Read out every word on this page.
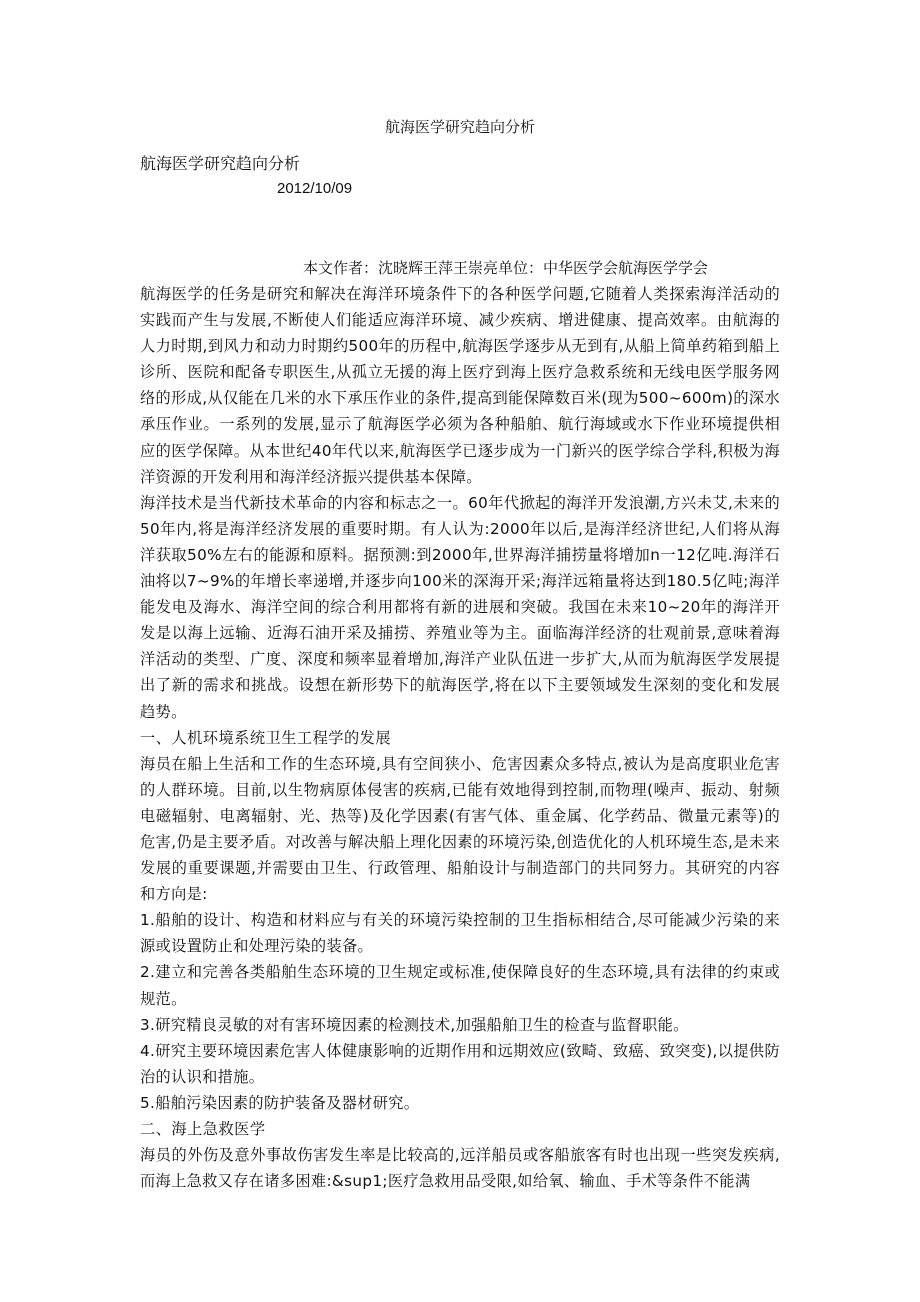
航海医学研究趋向分析
航海医学研究趋向分析
2012/10/09
本文作者：沈晓辉王萍王崇亮单位：中华医学会航海医学学会

航海医学的任务是研究和解决在海洋环境条件下的各种医学问题,它随着人类探索海洋活动的实践而产生与发展,不断使人们能适应海洋环境、减少疾病、增进健康、提高效率。由航海的人力时期,到风力和动力时期约500年的历程中,航海医学逐步从无到有,从船上简单药箱到船上诊所、医院和配备专职医生,从孤立无援的海上医疗到海上医疗急救系统和无线电医学服务网络的形成,从仅能在几米的水下承压作业的条件,提高到能保障数百米(现为500~600m)的深水承压作业。一系列的发展,显示了航海医学必须为各种船舶、航行海域或水下作业环境提供相应的医学保障。从本世纪40年代以来,航海医学已逐步成为一门新兴的医学综合学科,积极为海洋资源的开发利用和海洋经济振兴提供基本保障。

海洋技术是当代新技术革命的内容和标志之一。60年代掀起的海洋开发浪潮,方兴未艾,未来的50年内,将是海洋经济发展的重要时期。有人认为:2000年以后,是海洋经济世纪,人们将从海洋获取50%左右的能源和原料。据预测:到2000年,世界海洋捕捞量将增加n一12亿吨.海洋石油将以7~9%的年增长率递增,并逐步向100米的深海开采;海洋远箱量将达到180.5亿吨;海洋能发电及海水、海洋空间的综合利用都将有新的进展和突破。我国在未来10~20年的海洋开发是以海上远输、近海石油开采及捕捞、养殖业等为主。面临海洋经济的壮观前景,意味着海洋活动的类型、广度、深度和频率显着增加,海洋产业队伍进一步扩大,从而为航海医学发展提出了新的需求和挑战。设想在新形势下的航海医学,将在以下主要领域发生深刻的变化和发展趋势。

一、人机环境系统卫生工程学的发展

海员在船上生活和工作的生态环境,具有空间狭小、危害因素众多特点,被认为是高度职业危害的人群环境。目前,以生物病原体侵害的疾病,已能有效地得到控制,而物理(噪声、振动、射频电磁辐射、电离辐射、光、热等)及化学因素(有害气体、重金属、化学药品、微量元素等)的危害,仍是主要矛盾。对改善与解决船上理化因素的环境污染,创造优化的人机环境生态,是未来发展的重要课题,并需要由卫生、行政管理、船舶设计与制造部门的共同努力。其研究的内容和方向是:

1.船舶的设计、构造和材料应与有关的环境污染控制的卫生指标相结合,尽可能减少污染的来源或设置防止和处理污染的装备。

2.建立和完善各类船舶生态环境的卫生规定或标准,使保障良好的生态环境,具有法律的约束或规范。

3.研究精良灵敏的对有害环境因素的检测技术,加强船舶卫生的检查与监督职能。

4.研究主要环境因素危害人体健康影响的近期作用和远期效应(致畸、致癌、致突变),以提供防治的认识和措施。

5.船舶污染因素的防护装备及器材研究。

二、海上急救医学

海员的外伤及意外事故伤害发生率是比较高的,远洋船员或客船旅客有时也出现一些突发疾病,而海上急救又存在诸多困难:&sup1;医疗急救用品受限,如给氧、输血、手术等条件不能满
